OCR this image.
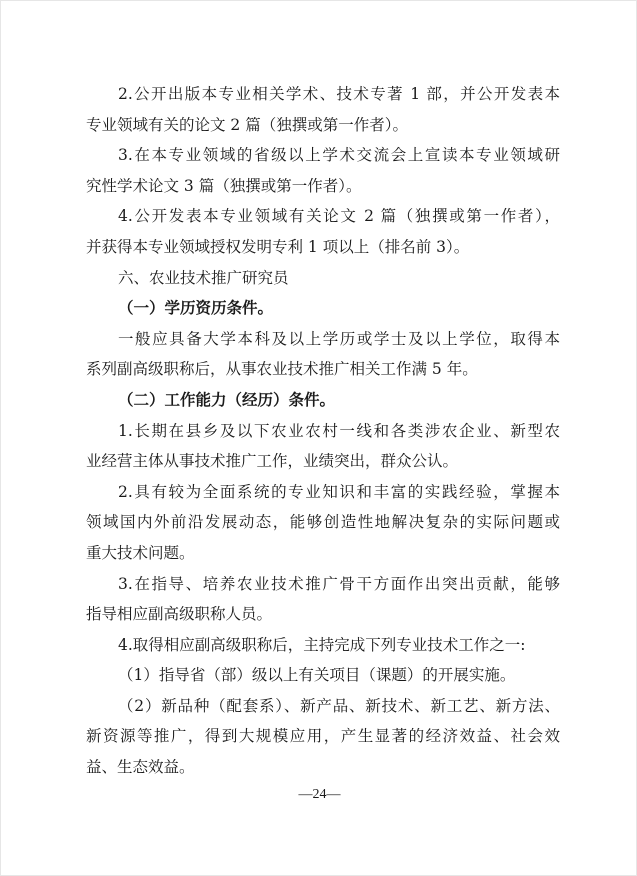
2.公开出版本专业相关学术、技术专著 1 部，并公开发表本
专业领域有关的论文 2 篇（独撰或第一作者）。
3.在本专业领域的省级以上学术交流会上宣读本专业领域研
究性学术论文 3 篇（独撰或第一作者）。
4.公开发表本专业领域有关论文 2 篇（独撰或第一作者），
并获得本专业领域授权发明专利 1 项以上（排名前 3）。
六、农业技术推广研究员
（一）学历资历条件。
一般应具备大学本科及以上学历或学士及以上学位，取得本
系列副高级职称后，从事农业技术推广相关工作满 5 年。
（二）工作能力（经历）条件。
1.长期在县乡及以下农业农村一线和各类涉农企业、新型农
业经营主体从事技术推广工作，业绩突出，群众公认。
2.具有较为全面系统的专业知识和丰富的实践经验，掌握本
领域国内外前沿发展动态，能够创造性地解决复杂的实际问题或
重大技术问题。
3.在指导、培养农业技术推广骨干方面作出突出贡献，能够
指导相应副高级职称人员。
4.取得相应副高级职称后，主持完成下列专业技术工作之一:
（1）指导省（部）级以上有关项目（课题）的开展实施。
（2）新品种（配套系）、新产品、新技术、新工艺、新方法、
新资源等推广，得到大规模应用，产生显著的经济效益、社会效
益、生态效益。
—24—
